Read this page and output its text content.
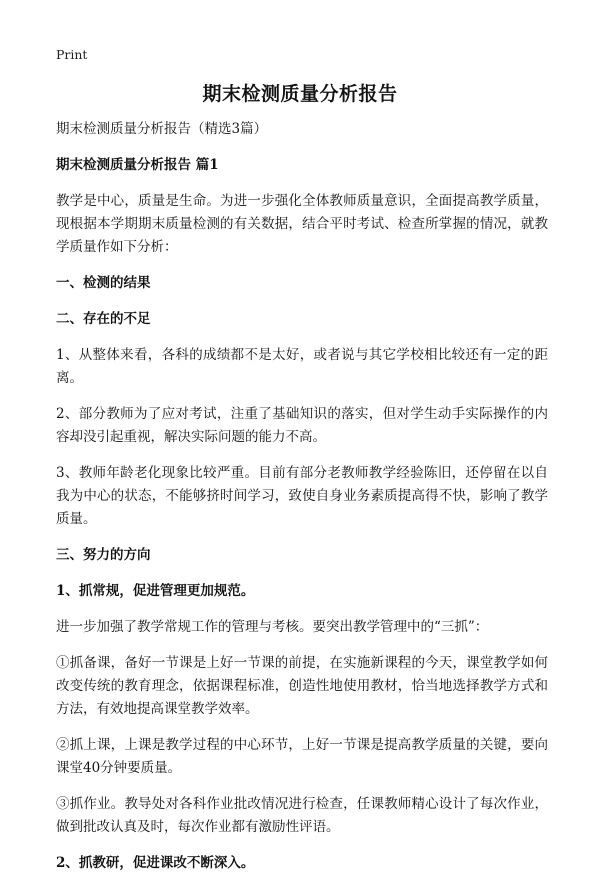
Print
期末检测质量分析报告

期末检测质量分析报告（精选3篇）

期末检测质量分析报告 篇1

教学是中心，质量是生命。为进一步强化全体教师质量意识，全面提高教学质量，现根据本学期期末质量检测的有关数据，结合平时考试、检查所掌握的情况，就教学质量作如下分析：

一、检测的结果

二、存在的不足

1、从整体来看，各科的成绩都不是太好，或者说与其它学校相比较还有一定的距离。

2、部分教师为了应对考试，注重了基础知识的落实，但对学生动手实际操作的内容却没引起重视，解决实际问题的能力不高。

3、教师年龄老化现象比较严重。目前有部分老教师教学经验陈旧，还停留在以自我为中心的状态，不能够挤时间学习，致使自身业务素质提高得不快，影响了教学质量。

三、努力的方向

1、抓常规，促进管理更加规范。

进一步加强了教学常规工作的管理与考核。要突出教学管理中的“三抓”：

①抓备课，备好一节课是上好一节课的前提，在实施新课程的今天，课堂教学如何改变传统的教育理念，依据课程标准，创造性地使用教材，恰当地选择教学方式和方法，有效地提高课堂教学效率。

②抓上课，上课是教学过程的中心环节，上好一节课是提高教学质量的关键，要向课堂40分钟要质量。

③抓作业。教导处对各科作业批改情况进行检查，任课教师精心设计了每次作业，做到批改认真及时，每次作业都有激励性评语。

2、抓教研，促进课改不断深入。
